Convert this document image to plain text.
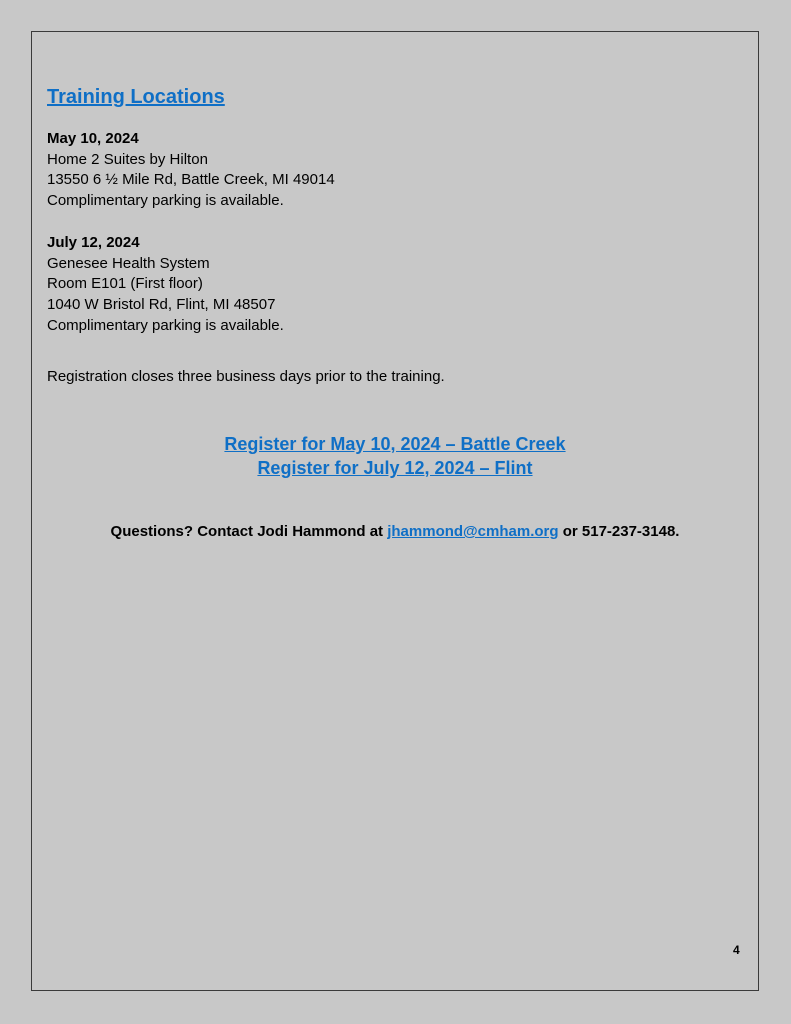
Training Locations
May 10, 2024
Home 2 Suites by Hilton
13550 6 ½ Mile Rd, Battle Creek, MI 49014
Complimentary parking is available.
July 12, 2024
Genesee Health System
Room E101 (First floor)
1040 W Bristol Rd, Flint, MI 48507
Complimentary parking is available.
Registration closes three business days prior to the training.
Register for May 10, 2024 – Battle Creek
Register for July 12, 2024 – Flint
Questions? Contact Jodi Hammond at jhammond@cmham.org or 517-237-3148.
4
